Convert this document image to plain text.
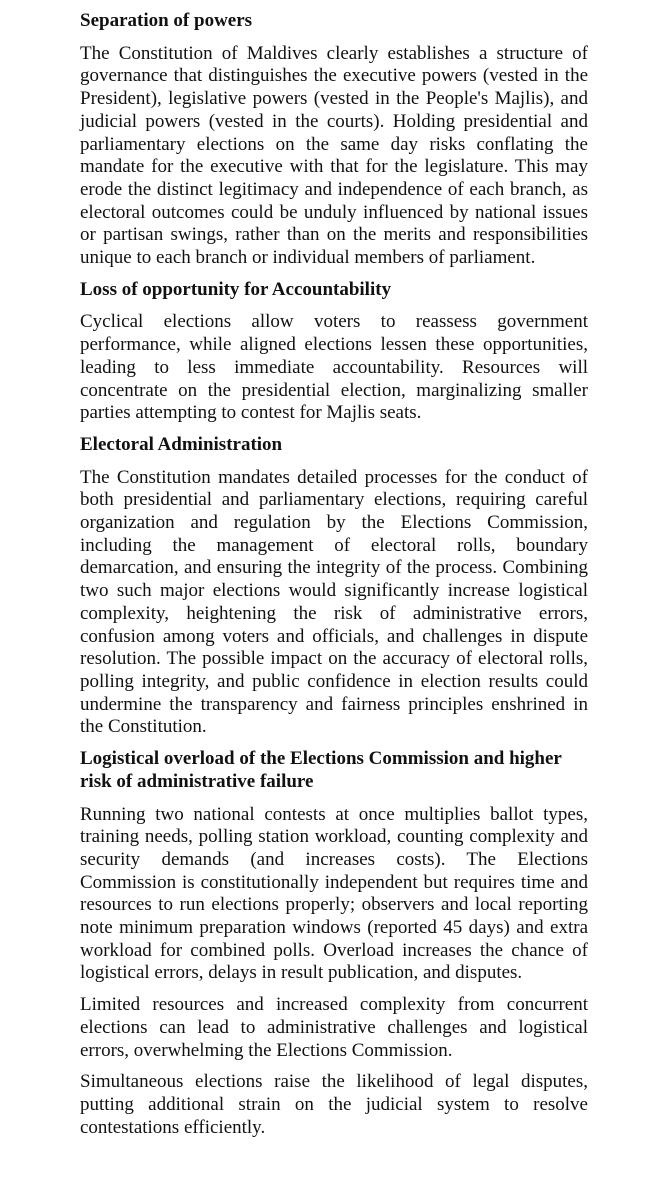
Separation of powers

The Constitution of Maldives clearly establishes a structure of governance that distinguishes the executive powers (vested in the President), legislative powers (vested in the People's Majlis), and judicial powers (vested in the courts). Holding presidential and parliamentary elections on the same day risks conflating the mandate for the executive with that for the legislature. This may erode the distinct legitimacy and independence of each branch, as electoral outcomes could be unduly influenced by national issues or partisan swings, rather than on the merits and responsibilities unique to each branch or individual members of parliament.

Loss of opportunity for Accountability

Cyclical elections allow voters to reassess government performance, while aligned elections lessen these opportunities, leading to less immediate accountability. Resources will concentrate on the presidential election, marginalizing smaller parties attempting to contest for Majlis seats.

Electoral Administration

The Constitution mandates detailed processes for the conduct of both presidential and parliamentary elections, requiring careful organization and regulation by the Elections Commission, including the management of electoral rolls, boundary demarcation, and ensuring the integrity of the process. Combining two such major elections would significantly increase logistical complexity, heightening the risk of administrative errors, confusion among voters and officials, and challenges in dispute resolution. The possible impact on the accuracy of electoral rolls, polling integrity, and public confidence in election results could undermine the transparency and fairness principles enshrined in the Constitution.

Logistical overload of the Elections Commission and higher risk of administrative failure

Running two national contests at once multiplies ballot types, training needs, polling station workload, counting complexity and security demands (and increases costs). The Elections Commission is constitutionally independent but requires time and resources to run elections properly; observers and local reporting note minimum preparation windows (reported 45 days) and extra workload for combined polls. Overload increases the chance of logistical errors, delays in result publication, and disputes.

Limited resources and increased complexity from concurrent elections can lead to administrative challenges and logistical errors, overwhelming the Elections Commission.

Simultaneous elections raise the likelihood of legal disputes, putting additional strain on the judicial system to resolve contestations efficiently.
